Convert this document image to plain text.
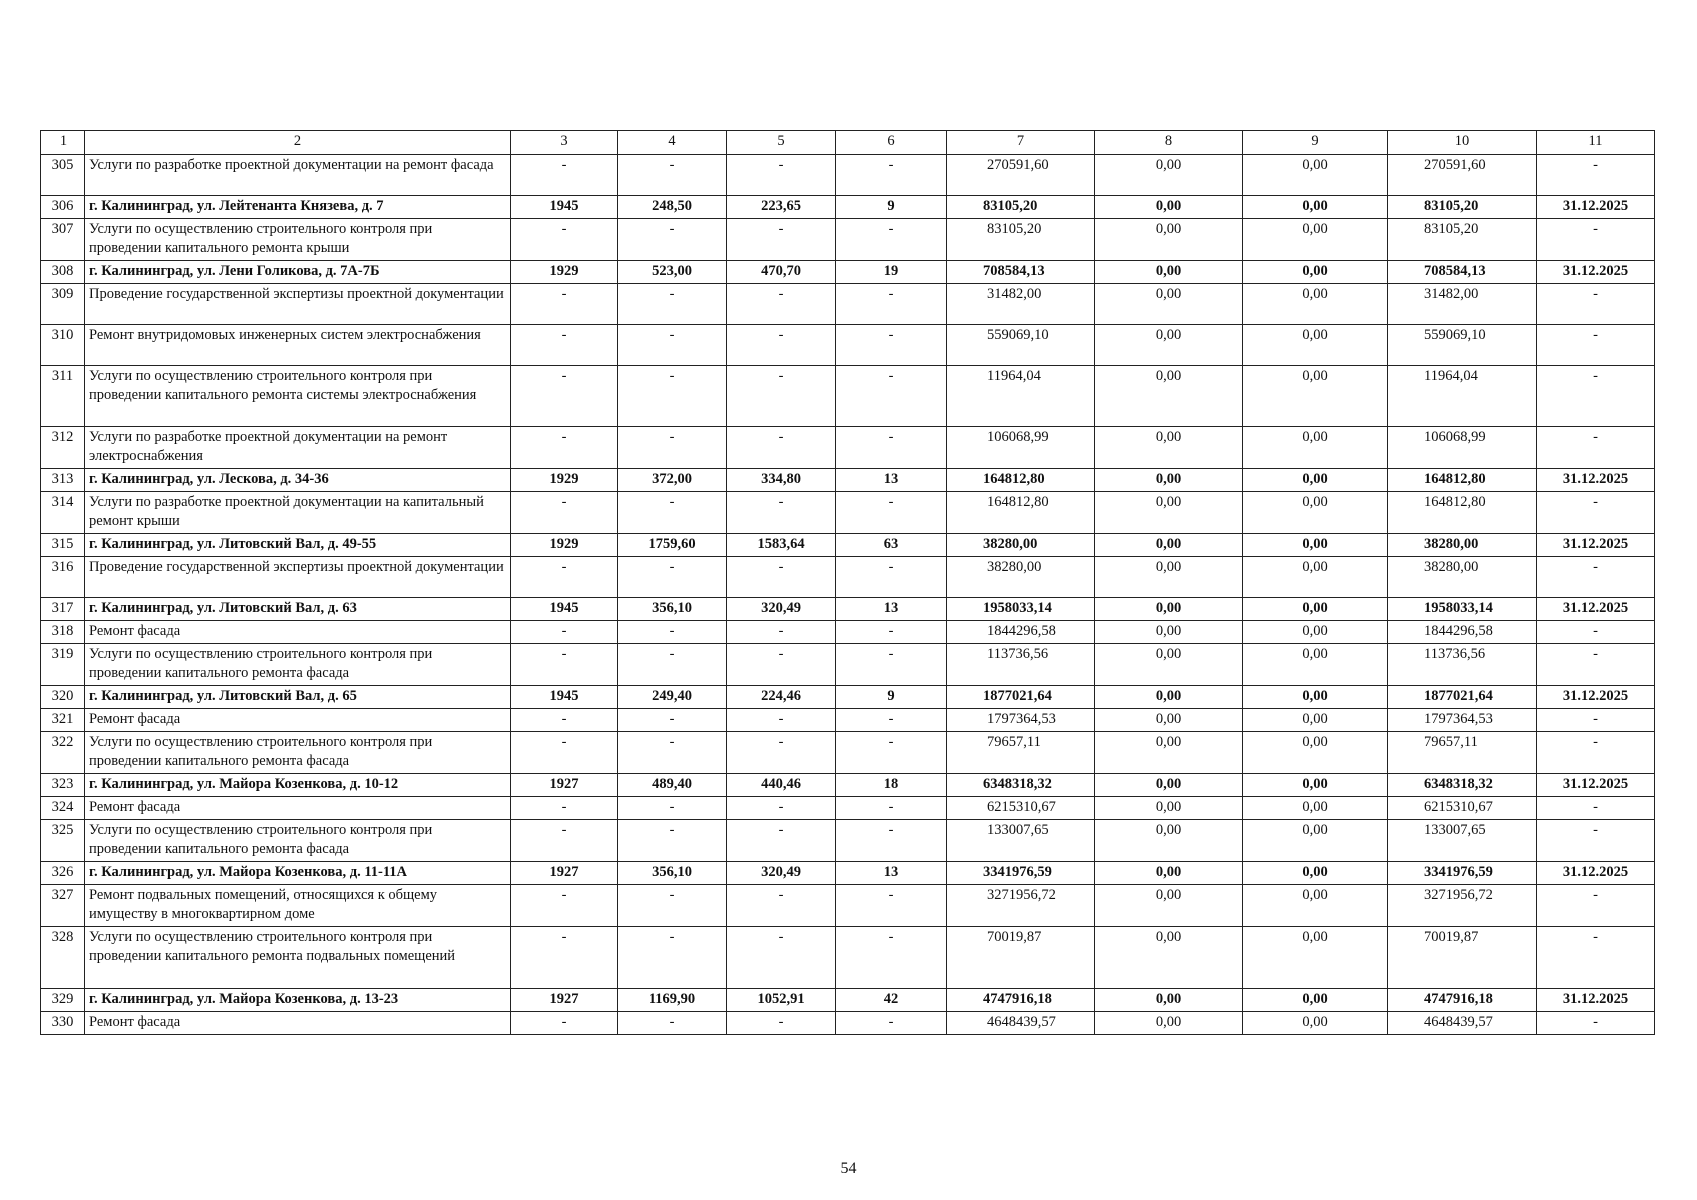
1	2	3	4	5	6	7	8	9	10	11
305	Услуги по разработке проектной документации на ремонт фасада	-	-	-	-	270591,60	0,00	0,00	270591,60	-
306	г. Калининград, ул. Лейтенанта Князева, д. 7	1945	248,50	223,65	9	83105,20	0,00	0,00	83105,20	31.12.2025
307	Услуги по осуществлению строительного контроля при проведении капитального ремонта крыши	-	-	-	-	83105,20	0,00	0,00	83105,20	-
308	г. Калининград, ул. Лени Голикова, д. 7А-7Б	1929	523,00	470,70	19	708584,13	0,00	0,00	708584,13	31.12.2025
309	Проведение государственной экспертизы проектной документации	-	-	-	-	31482,00	0,00	0,00	31482,00	-
310	Ремонт внутридомовых инженерных систем электроснабжения	-	-	-	-	559069,10	0,00	0,00	559069,10	-
311	Услуги по осуществлению строительного контроля при проведении капитального ремонта системы электроснабжения	-	-	-	-	11964,04	0,00	0,00	11964,04	-
312	Услуги по разработке проектной документации на ремонт электроснабжения	-	-	-	-	106068,99	0,00	0,00	106068,99	-
313	г. Калининград, ул. Лескова, д. 34-36	1929	372,00	334,80	13	164812,80	0,00	0,00	164812,80	31.12.2025
314	Услуги по разработке проектной документации на капитальный ремонт крыши	-	-	-	-	164812,80	0,00	0,00	164812,80	-
315	г. Калининград, ул. Литовский Вал, д. 49-55	1929	1759,60	1583,64	63	38280,00	0,00	0,00	38280,00	31.12.2025
316	Проведение государственной экспертизы проектной документации	-	-	-	-	38280,00	0,00	0,00	38280,00	-
317	г. Калининград, ул. Литовский Вал, д. 63	1945	356,10	320,49	13	1958033,14	0,00	0,00	1958033,14	31.12.2025
318	Ремонт фасада	-	-	-	-	1844296,58	0,00	0,00	1844296,58	-
319	Услуги по осуществлению строительного контроля при проведении капитального ремонта фасада	-	-	-	-	113736,56	0,00	0,00	113736,56	-
320	г. Калининград, ул. Литовский Вал, д. 65	1945	249,40	224,46	9	1877021,64	0,00	0,00	1877021,64	31.12.2025
321	Ремонт фасада	-	-	-	-	1797364,53	0,00	0,00	1797364,53	-
322	Услуги по осуществлению строительного контроля при проведении капитального ремонта фасада	-	-	-	-	79657,11	0,00	0,00	79657,11	-
323	г. Калининград, ул. Майора Козенкова, д. 10-12	1927	489,40	440,46	18	6348318,32	0,00	0,00	6348318,32	31.12.2025
324	Ремонт фасада	-	-	-	-	6215310,67	0,00	0,00	6215310,67	-
325	Услуги по осуществлению строительного контроля при проведении капитального ремонта фасада	-	-	-	-	133007,65	0,00	0,00	133007,65	-
326	г. Калининград, ул. Майора Козенкова, д. 11-11А	1927	356,10	320,49	13	3341976,59	0,00	0,00	3341976,59	31.12.2025
327	Ремонт подвальных помещений, относящихся к общему имуществу в многоквартирном доме	-	-	-	-	3271956,72	0,00	0,00	3271956,72	-
328	Услуги по осуществлению строительного контроля при проведении капитального ремонта подвальных помещений	-	-	-	-	70019,87	0,00	0,00	70019,87	-
329	г. Калининград, ул. Майора Козенкова, д. 13-23	1927	1169,90	1052,91	42	4747916,18	0,00	0,00	4747916,18	31.12.2025
330	Ремонт фасада	-	-	-	-	4648439,57	0,00	0,00	4648439,57	-
54
